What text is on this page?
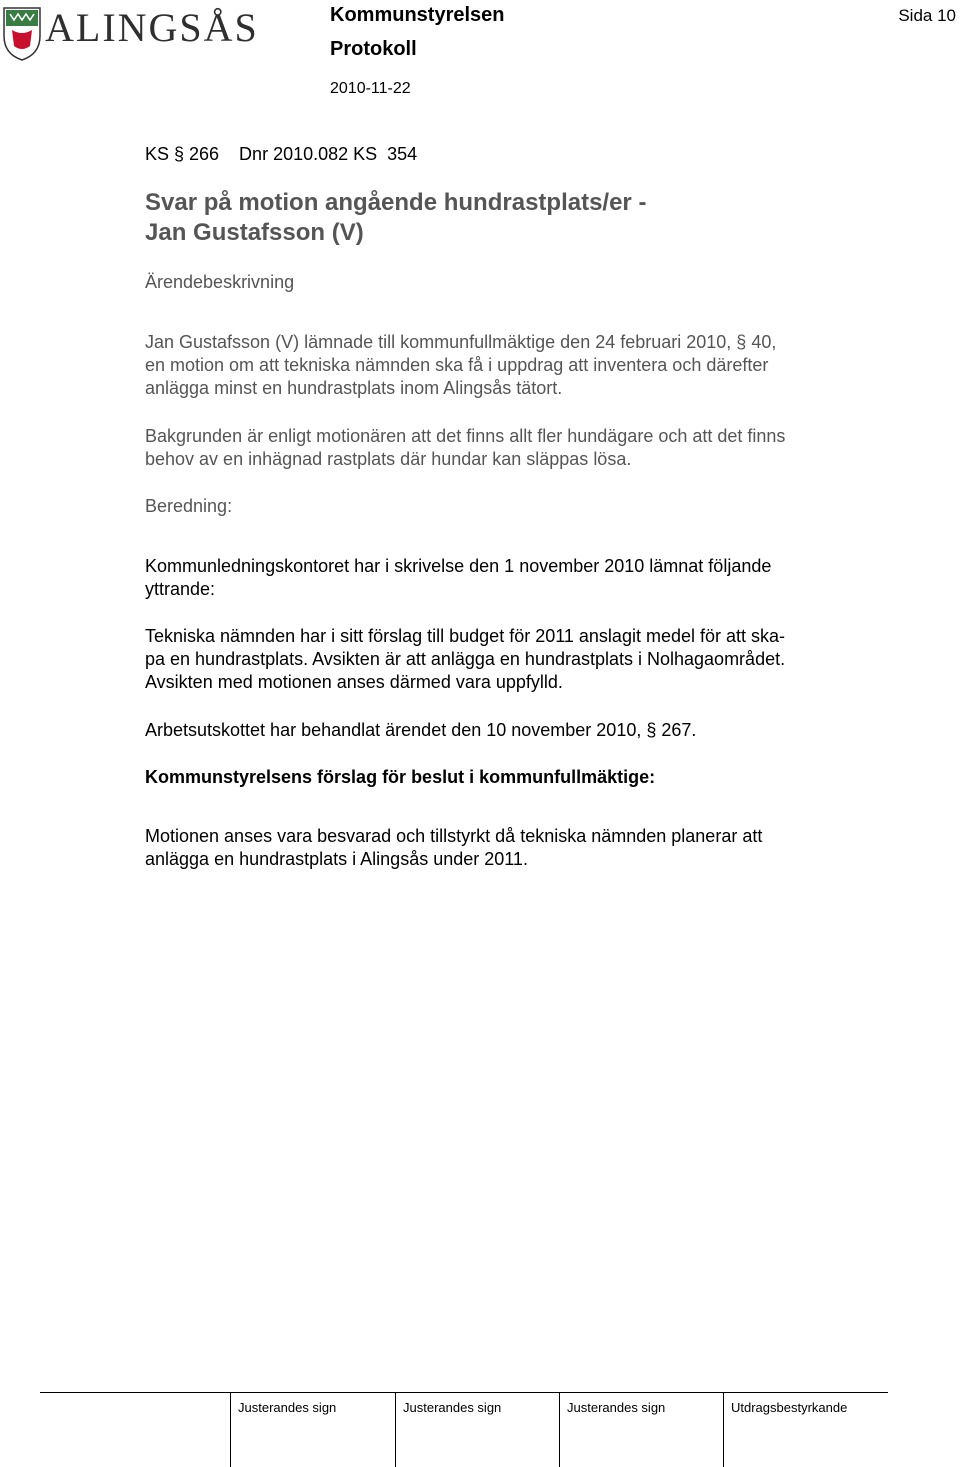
ALINGSÅS	Kommunstyrelsen
Protokoll
2010-11-22
Sida 10
KS § 266    Dnr 2010.082 KS  354
Svar på motion angående hundrastplats/er -
Jan Gustafsson (V)
Ärendebeskrivning
Jan Gustafsson (V) lämnade till kommunfullmäktige den 24 februari 2010, § 40,
en motion om att tekniska nämnden ska få i uppdrag att inventera och därefter
anlägga minst en hundrastplats inom Alingsås tätort.
Bakgrunden är enligt motionären att det finns allt fler hundägare och att det finns
behov av en inhägnad rastplats där hundar kan släppas lösa.
Beredning:
Kommunledningskontoret har i skrivelse den 1 november 2010 lämnat följande
yttrande:
Tekniska nämnden har i sitt förslag till budget för 2011 anslagit medel för att ska-
pa en hundrastplats. Avsikten är att anlägga en hundrastplats i Nolhagaområdet.
Avsikten med motionen anses därmed vara uppfylld.
Arbetsutskottet har behandlat ärendet den 10 november 2010, § 267.
Kommunstyrelsens förslag för beslut i kommunfullmäktige:
Motionen anses vara besvarad och tillstyrkt då tekniska nämnden planerar att
anlägga en hundrastplats i Alingsås under 2011.
Justerandes sign	Justerandes sign	Justerandes sign	Utdragsbestyrkande
